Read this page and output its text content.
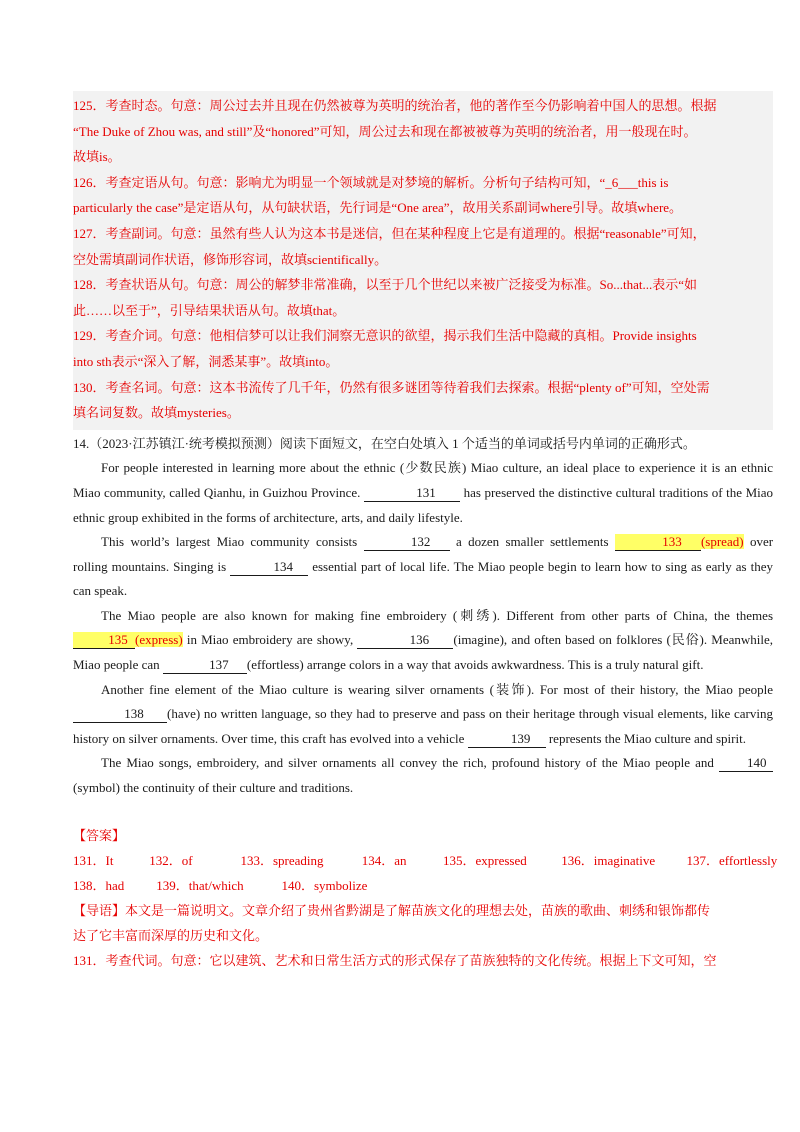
125．考查时态。句意：周公过去并且现在仍然被尊为英明的统治者，他的著作至今仍影响着中国人的思想。根据
“The Duke of Zhou was, and still”及“honored”可知，周公过去和现在都被被尊为英明的统治者，用一般现在时。
故填is。
126．考查定语从句。句意：影响尤为明显一个领域就是对梦境的解析。分析句子结构可知，“_6___this is
particularly the case”是定语从句，从句缺状语，先行词是“One area”，故用关系副词where引导。故填where。
127．考查副词。句意：虽然有些人认为这本书是迷信，但在某种程度上它是有道理的。根据“reasonable”可知，
空处需填副词作状语，修饰形容词，故填scientifically。
128．考查状语从句。句意：周公的解梦非常准确，以至于几个世纪以来被广泛接受为标准。So...that...表示“如
此……以至于”，引导结果状语从句。故填that。
129．考查介词。句意：他相信梦可以让我们洞察无意识的欲望，揭示我们生活中隐藏的真相。Provide insights
into sth表示“深入了解，洞悉某事”。故填into。
130．考查名词。句意：这本书流传了几千年，仍然有很多谜团等待着我们去探索。根据“plenty of”可知，空处需
填名词复数。故填mysteries。
14.（2023·江苏镇江·统考模拟预测）阅读下面短文，在空白处填入 1 个适当的单词或括号内单词的正确形式。

For people interested in learning more about the ethnic (少数民族) Miao culture, an ideal place to experience it is an ethnic Miao community, called Qianhu, in Guizhou Province.	131 has preserved the distinctive cultural traditions of the Miao ethnic group exhibited in the forms of architecture, arts, and daily lifestyle.

This world’s largest Miao community consists	132 a dozen smaller settlements	133 (spread) over rolling mountains. Singing is	134 essential part of local life. The Miao people begin to learn how to sing as early as they can speak.

The Miao people are also known for making fine embroidery (刺绣). Different from other parts of China, the themes 135 (express) in Miao embroidery are showy,	136 (imagine), and often based on folklores (民俗). Meanwhile, Miao people can	137 (effortless) arrange colors in a way that avoids awkwardness. This is a truly natural gift.

Another fine element of the Miao culture is wearing silver ornaments (装饰). For most of their history, the Miao people 138 (have) no written language, so they had to preserve and pass on their heritage through visual elements, like carving history on silver ornaments. Over time, this craft has evolved into a vehicle	139 represents the Miao culture and spirit.

The Miao songs, embroidery, and silver ornaments all convey the rich, profound history of the Miao people and	140(symbol) the continuity of their culture and traditions.

【答案】
131．It	132．of	133．spreading	134．an	135．expressed	136．imaginative 137．effortlessly
138．had 139．that/which	140．symbolize
【导语】本文是一篇说明文。文章介绍了贵州省黔湖是了解苗族文化的理想去处，苗族的歌曲、刺绣和银饰都传
达了它丰富而深厚的历史和文化。
131．考查代词。句意：它以建筑、艺术和日常生活方式的形式保存了苗族独特的文化传统。根据上下文可知，空
